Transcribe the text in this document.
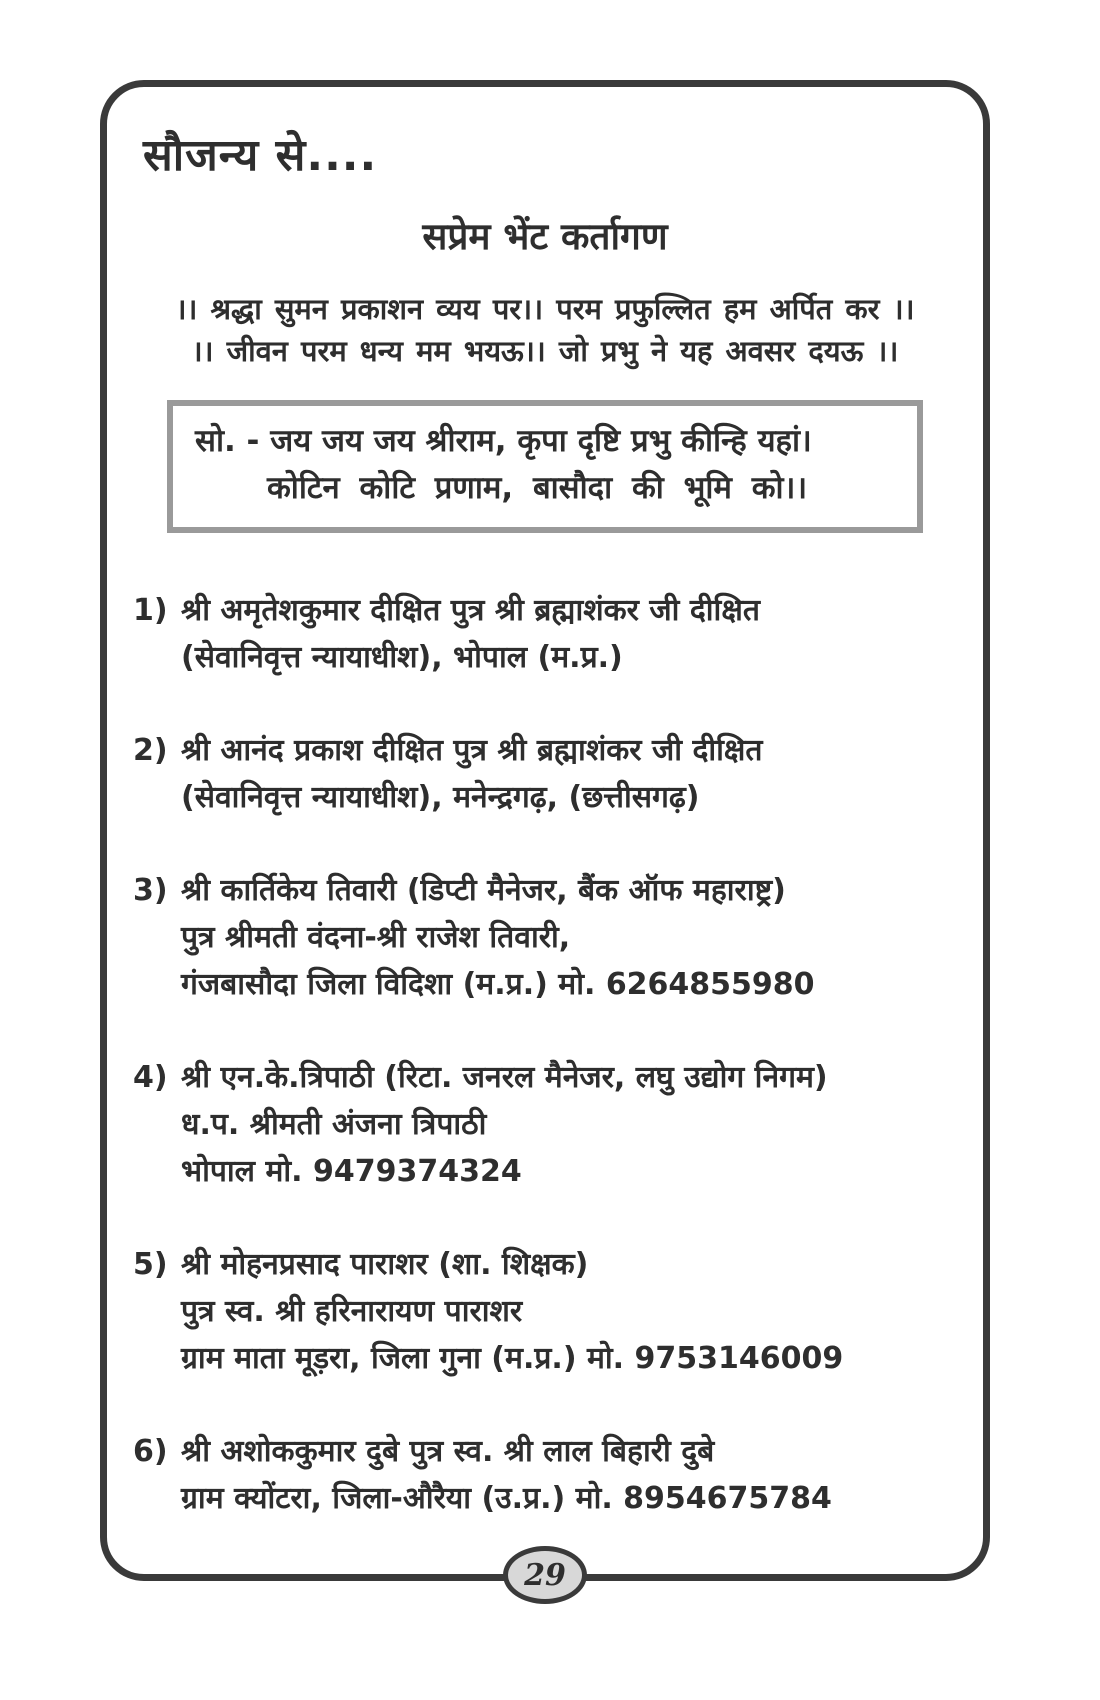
सौजन्य से....
सप्रेम भेंट कर्तागण
।। श्रद्धा सुमन प्रकाशन व्यय पर।। परम प्रफुल्लित हम अर्पित कर ।।
।। जीवन परम धन्य मम भयऊ।। जो प्रभु ने यह अवसर दयऊ ।।
सो. - जय जय जय श्रीराम, कृपा दृष्टि प्रभु कीन्हि यहां।
कोटिन कोटि प्रणाम, बासौदा की भूमि को।।
1) श्री अमृतेशकुमार दीक्षित पुत्र श्री ब्रह्माशंकर जी दीक्षित
(सेवानिवृत्त न्यायाधीश), भोपाल (म.प्र.)
2) श्री आनंद प्रकाश दीक्षित पुत्र श्री ब्रह्माशंकर जी दीक्षित
(सेवानिवृत्त न्यायाधीश), मनेन्द्रगढ़, (छत्तीसगढ़)
3) श्री कार्तिकेय तिवारी (डिप्टी मैनेजर, बैंक ऑफ महाराष्ट्र)
पुत्र श्रीमती वंदना-श्री राजेश तिवारी,
गंजबासौदा जिला विदिशा (म.प्र.) मो. 6264855980
4) श्री एन.के.त्रिपाठी (रिटा. जनरल मैनेजर, लघु उद्योग निगम)
ध.प. श्रीमती अंजना त्रिपाठी
भोपाल मो. 9479374324
5) श्री मोहनप्रसाद पाराशर (शा. शिक्षक)
पुत्र स्व. श्री हरिनारायण पाराशर
ग्राम माता मूड़रा, जिला गुना (म.प्र.) मो. 9753146009
6) श्री अशोककुमार दुबे पुत्र स्व. श्री लाल बिहारी दुबे
ग्राम क्योंटरा, जिला-औरैया (उ.प्र.) मो. 8954675784
29
